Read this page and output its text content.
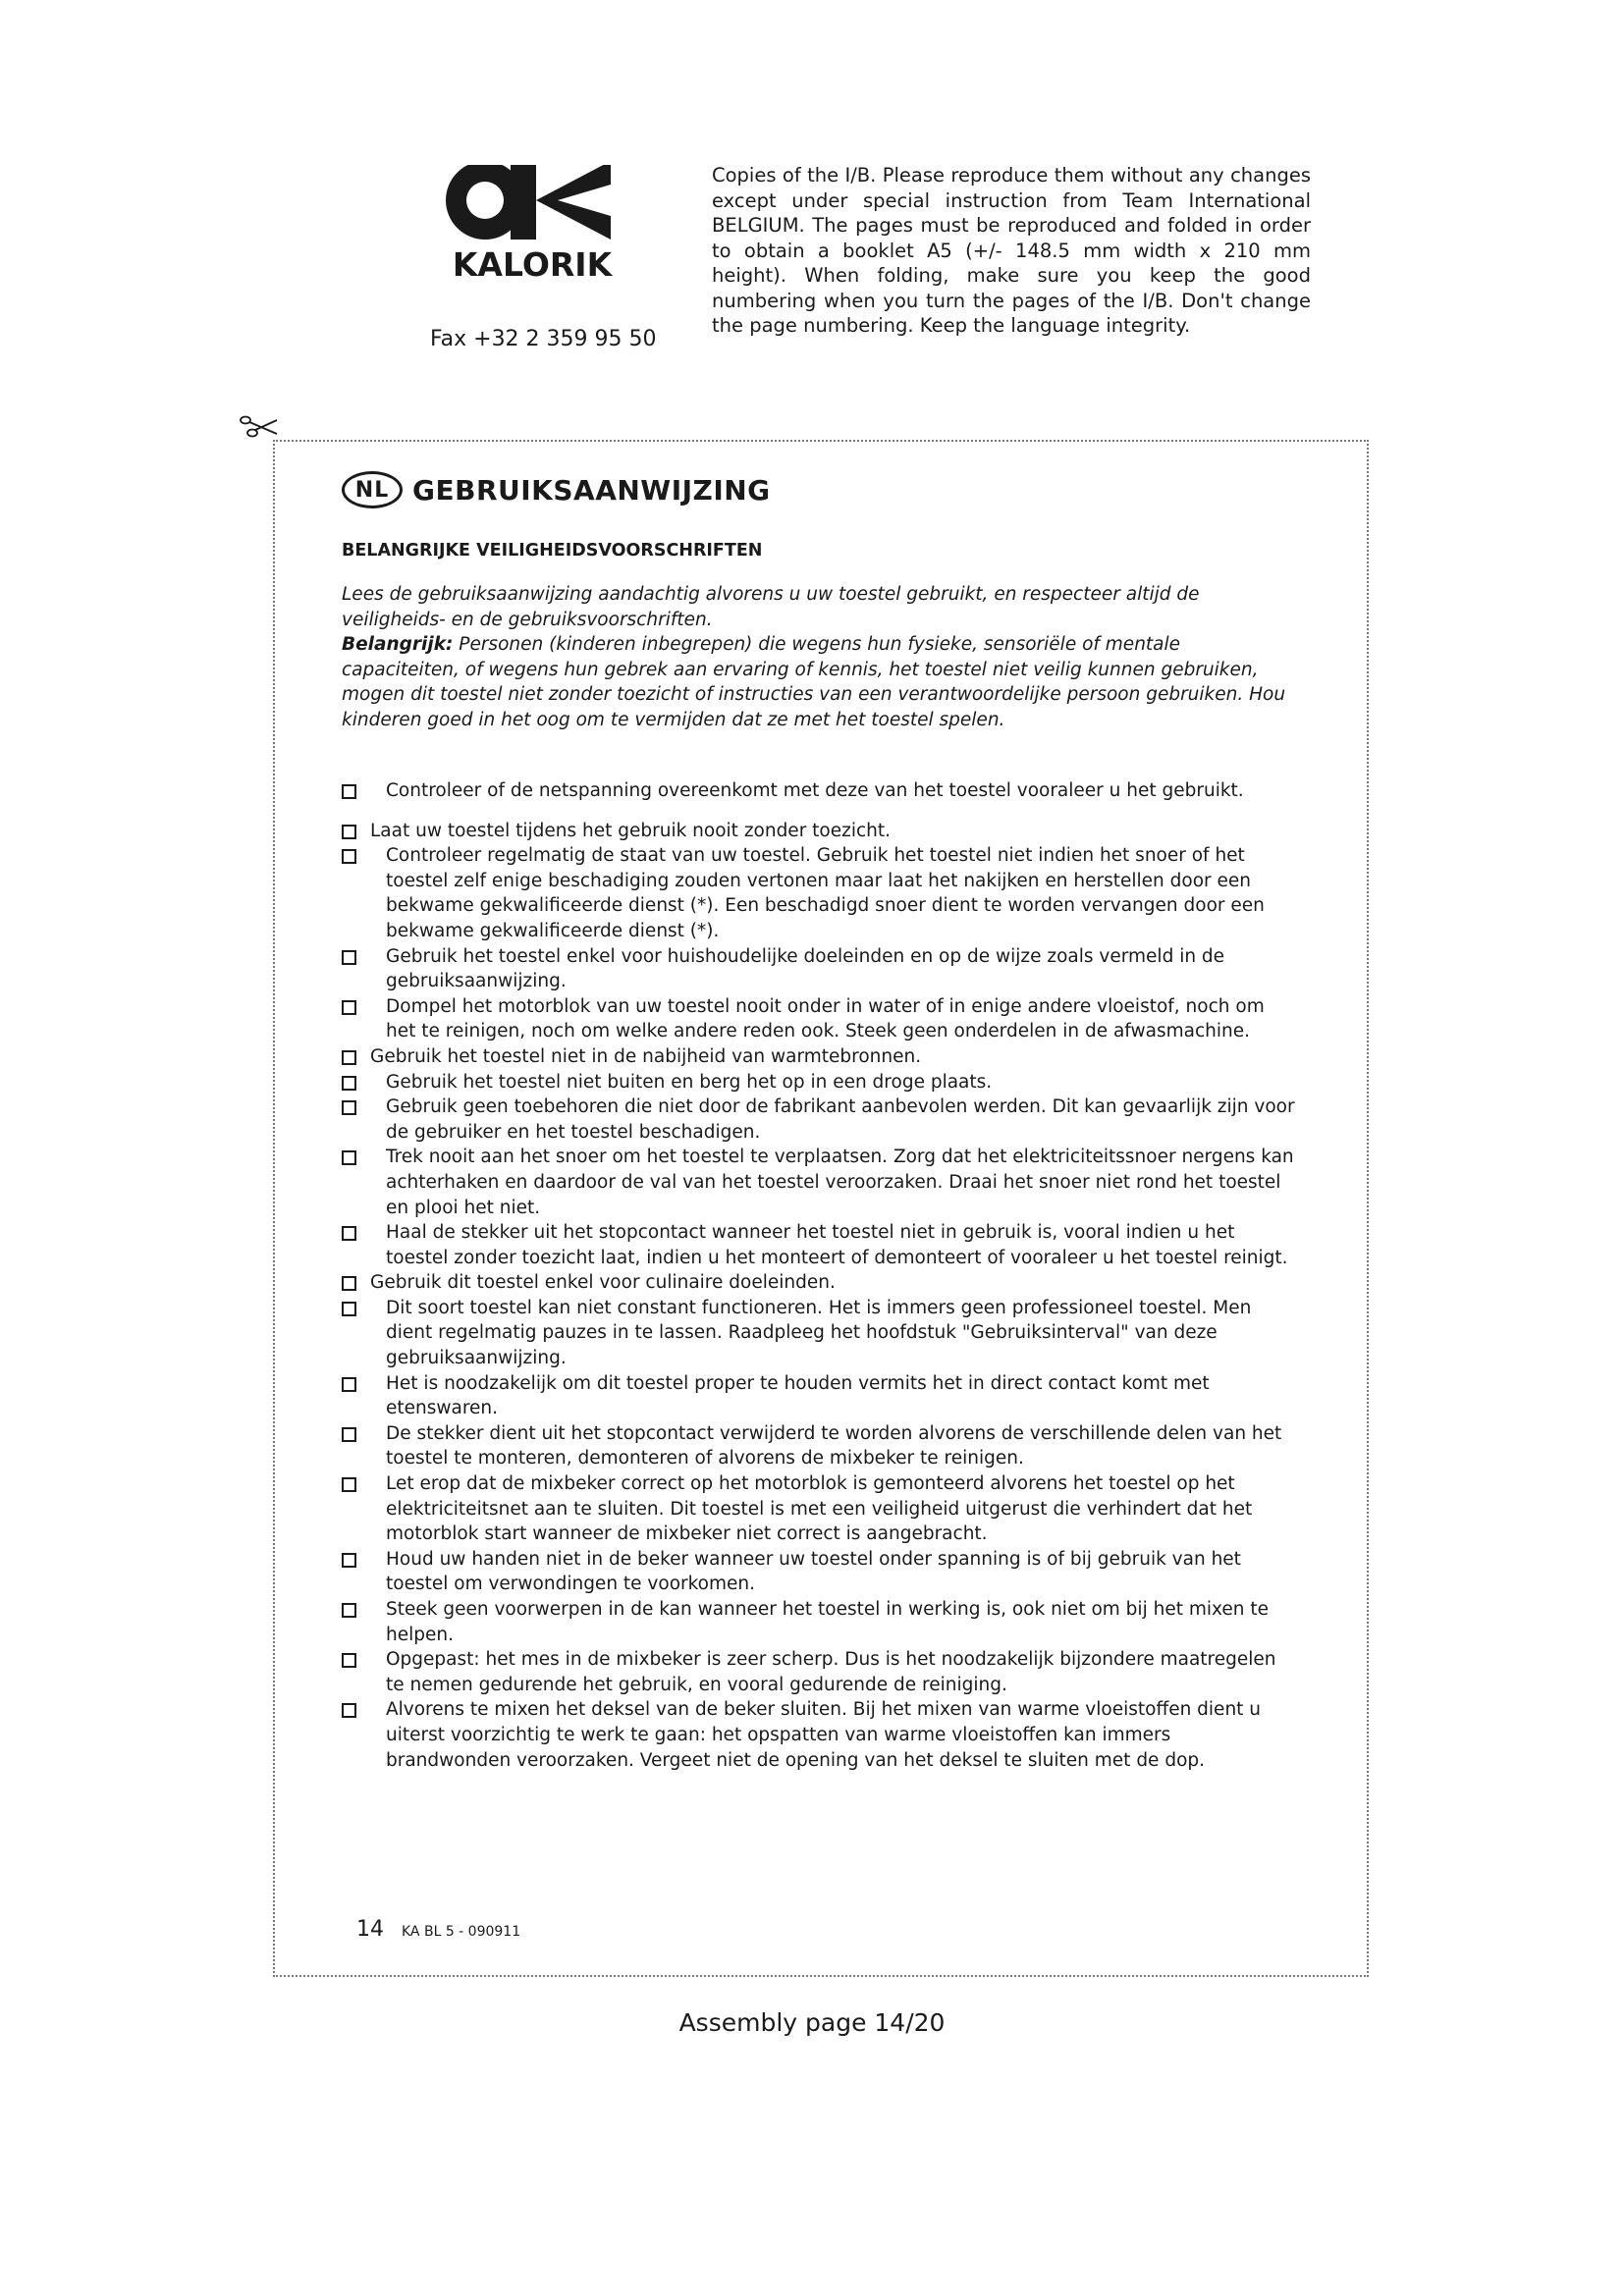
KALORIK
Fax +32 2 359 95 50
Copies of the I/B. Please reproduce them without any changes except under special instruction from Team International BELGIUM. The pages must be reproduced and folded in order to obtain a booklet A5 (+/- 148.5 mm width x 210 mm height). When folding, make sure you keep the good numbering when you turn the pages of the I/B. Don't change the page numbering. Keep the language integrity.
NL GEBRUIKSAANWIJZING
BELANGRIJKE VEILIGHEIDSVOORSCHRIFTEN

Lees de gebruiksaanwijzing aandachtig alvorens u uw toestel gebruikt, en respecteer altijd de veiligheids- en de gebruiksvoorschriften.

Belangrijk: Personen (kinderen inbegrepen) die wegens hun fysieke, sensoriële of mentale capaciteiten, of wegens hun gebrek aan ervaring of kennis, het toestel niet veilig kunnen gebruiken, mogen dit toestel niet zonder toezicht of instructies van een verantwoordelijke persoon gebruiken. Hou kinderen goed in het oog om te vermijden dat ze met het toestel spelen.

Controleer of de netspanning overeenkomt met deze van het toestel vooraleer u het gebruikt.
Laat uw toestel tijdens het gebruik nooit zonder toezicht.
Controleer regelmatig de staat van uw toestel. Gebruik het toestel niet indien het snoer of het toestel zelf enige beschadiging zouden vertonen maar laat het nakijken en herstellen door een bekwame gekwalificeerde dienst (*). Een beschadigd snoer dient te worden vervangen door een bekwame gekwalificeerde dienst (*).
Gebruik het toestel enkel voor huishoudelijke doeleinden en op de wijze zoals vermeld in de gebruiksaanwijzing.
Dompel het motorblok van uw toestel nooit onder in water of in enige andere vloeistof, noch om het te reinigen, noch om welke andere reden ook. Steek geen onderdelen in de afwasmachine.
Gebruik het toestel niet in de nabijheid van warmtebronnen.
Gebruik het toestel niet buiten en berg het op in een droge plaats.
Gebruik geen toebehoren die niet door de fabrikant aanbevolen werden. Dit kan gevaarlijk zijn voor de gebruiker en het toestel beschadigen.
Trek nooit aan het snoer om het toestel te verplaatsen. Zorg dat het elektriciteitssnoer nergens kan achterhaken en daardoor de val van het toestel veroorzaken. Draai het snoer niet rond het toestel en plooi het niet.
Haal de stekker uit het stopcontact wanneer het toestel niet in gebruik is, vooral indien u het toestel zonder toezicht laat, indien u het monteert of demonteert of vooraleer u het toestel reinigt.
Gebruik dit toestel enkel voor culinaire doeleinden.
Dit soort toestel kan niet constant functioneren. Het is immers geen professioneel toestel. Men dient regelmatig pauzes in te lassen. Raadpleeg het hoofdstuk "Gebruiksinterval" van deze gebruiksaanwijzing.
Het is noodzakelijk om dit toestel proper te houden vermits het in direct contact komt met etenswaren.
De stekker dient uit het stopcontact verwijderd te worden alvorens de verschillende delen van het toestel te monteren, demonteren of alvorens de mixbeker te reinigen.
Let erop dat de mixbeker correct op het motorblok is gemonteerd alvorens het toestel op het elektriciteitsnet aan te sluiten. Dit toestel is met een veiligheid uitgerust die verhindert dat het motorblok start wanneer de mixbeker niet correct is aangebracht.
Houd uw handen niet in de beker wanneer uw toestel onder spanning is of bij gebruik van het toestel om verwondingen te voorkomen.
Steek geen voorwerpen in de kan wanneer het toestel in werking is, ook niet om bij het mixen te helpen.
Opgepast: het mes in de mixbeker is zeer scherp. Dus is het noodzakelijk bijzondere maatregelen te nemen gedurende het gebruik, en vooral gedurende de reiniging.
Alvorens te mixen het deksel van de beker sluiten. Bij het mixen van warme vloeistoffen dient u uiterst voorzichtig te werk te gaan: het opspatten van warme vloeistoffen kan immers brandwonden veroorzaken. Vergeet niet de opening van het deksel te sluiten met de dop.
14 KA BL 5 - 090911
Assembly page 14/20
